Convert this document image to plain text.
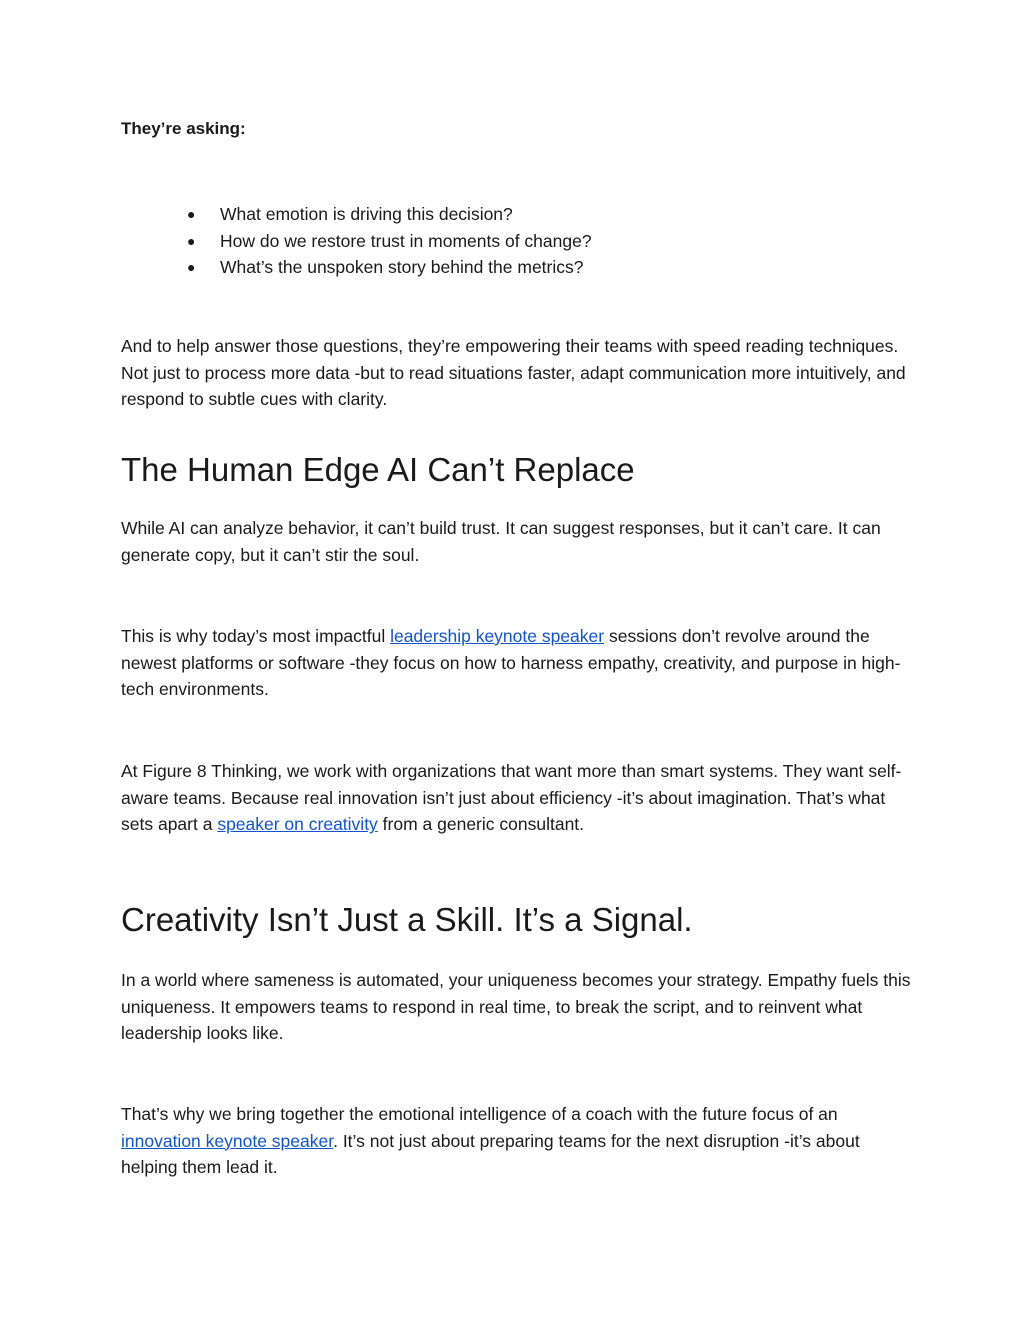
They’re asking:

● What emotion is driving this decision?
● How do we restore trust in moments of change?
● What’s the unspoken story behind the metrics?

And to help answer those questions, they’re empowering their teams with speed reading techniques. Not just to process more data -but to read situations faster, adapt communication more intuitively, and respond to subtle cues with clarity.

The Human Edge AI Can’t Replace

While AI can analyze behavior, it can’t build trust. It can suggest responses, but it can’t care. It can generate copy, but it can’t stir the soul.

This is why today’s most impactful leadership keynote speaker sessions don’t revolve around the newest platforms or software -they focus on how to harness empathy, creativity, and purpose in high-tech environments.

At Figure 8 Thinking, we work with organizations that want more than smart systems. They want self-aware teams. Because real innovation isn’t just about efficiency -it’s about imagination. That’s what sets apart a speaker on creativity from a generic consultant.

Creativity Isn’t Just a Skill. It’s a Signal.

In a world where sameness is automated, your uniqueness becomes your strategy. Empathy fuels this uniqueness. It empowers teams to respond in real time, to break the script, and to reinvent what leadership looks like.

That’s why we bring together the emotional intelligence of a coach with the future focus of an innovation keynote speaker. It’s not just about preparing teams for the next disruption -it’s about helping them lead it.
